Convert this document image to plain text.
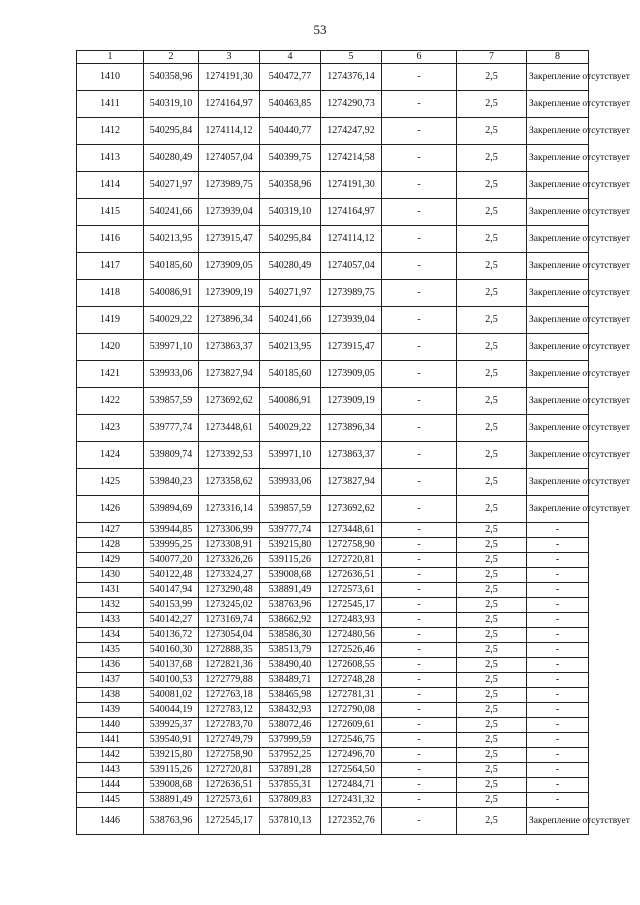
53
1	2	3	4	5	6	7	8
1410	540358,96	1274191,30	540472,77	1274376,14	-	2,5	Закрепление отсутствует
1411	540319,10	1274164,97	540463,85	1274290,73	-	2,5	Закрепление отсутствует
1412	540295,84	1274114,12	540440,77	1274247,92	-	2,5	Закрепление отсутствует
1413	540280,49	1274057,04	540399,75	1274214,58	-	2,5	Закрепление отсутствует
1414	540271,97	1273989,75	540358,96	1274191,30	-	2,5	Закрепление отсутствует
1415	540241,66	1273939,04	540319,10	1274164,97	-	2,5	Закрепление отсутствует
1416	540213,95	1273915,47	540295,84	1274114,12	-	2,5	Закрепление отсутствует
1417	540185,60	1273909,05	540280,49	1274057,04	-	2,5	Закрепление отсутствует
1418	540086,91	1273909,19	540271,97	1273989,75	-	2,5	Закрепление отсутствует
1419	540029,22	1273896,34	540241,66	1273939,04	-	2,5	Закрепление отсутствует
1420	539971,10	1273863,37	540213,95	1273915,47	-	2,5	Закрепление отсутствует
1421	539933,06	1273827,94	540185,60	1273909,05	-	2,5	Закрепление отсутствует
1422	539857,59	1273692,62	540086,91	1273909,19	-	2,5	Закрепление отсутствует
1423	539777,74	1273448,61	540029,22	1273896,34	-	2,5	Закрепление отсутствует
1424	539809,74	1273392,53	539971,10	1273863,37	-	2,5	Закрепление отсутствует
1425	539840,23	1273358,62	539933,06	1273827,94	-	2,5	Закрепление отсутствует
1426	539894,69	1273316,14	539857,59	1273692,62	-	2,5	Закрепление отсутствует
1427	539944,85	1273306,99	539777,74	1273448,61	-	2,5	-
1428	539995,25	1273308,91	539215,80	1272758,90	-	2,5	-
1429	540077,20	1273326,26	539115,26	1272720,81	-	2,5	-
1430	540122,48	1273324,27	539008,68	1272636,51	-	2,5	-
1431	540147,94	1273290,48	538891,49	1272573,61	-	2,5	-
1432	540153,99	1273245,02	538763,96	1272545,17	-	2,5	-
1433	540142,27	1273169,74	538662,92	1272483,93	-	2,5	-
1434	540136,72	1273054,04	538586,30	1272480,56	-	2,5	-
1435	540160,30	1272888,35	538513,79	1272526,46	-	2,5	-
1436	540137,68	1272821,36	538490,40	1272608,55	-	2,5	-
1437	540100,53	1272779,88	538489,71	1272748,28	-	2,5	-
1438	540081,02	1272763,18	538465,98	1272781,31	-	2,5	-
1439	540044,19	1272783,12	538432,93	1272790,08	-	2,5	-
1440	539925,37	1272783,70	538072,46	1272609,61	-	2,5	-
1441	539540,91	1272749,79	537999,59	1272546,75	-	2,5	-
1442	539215,80	1272758,90	537952,25	1272496,70	-	2,5	-
1443	539115,26	1272720,81	537891,28	1272564,50	-	2,5	-
1444	539008,68	1272636,51	537855,31	1272484,71	-	2,5	-
1445	538891,49	1272573,61	537809,83	1272431,32	-	2,5	-
1446	538763,96	1272545,17	537810,13	1272352,76	-	2,5	Закрепление отсутствует
